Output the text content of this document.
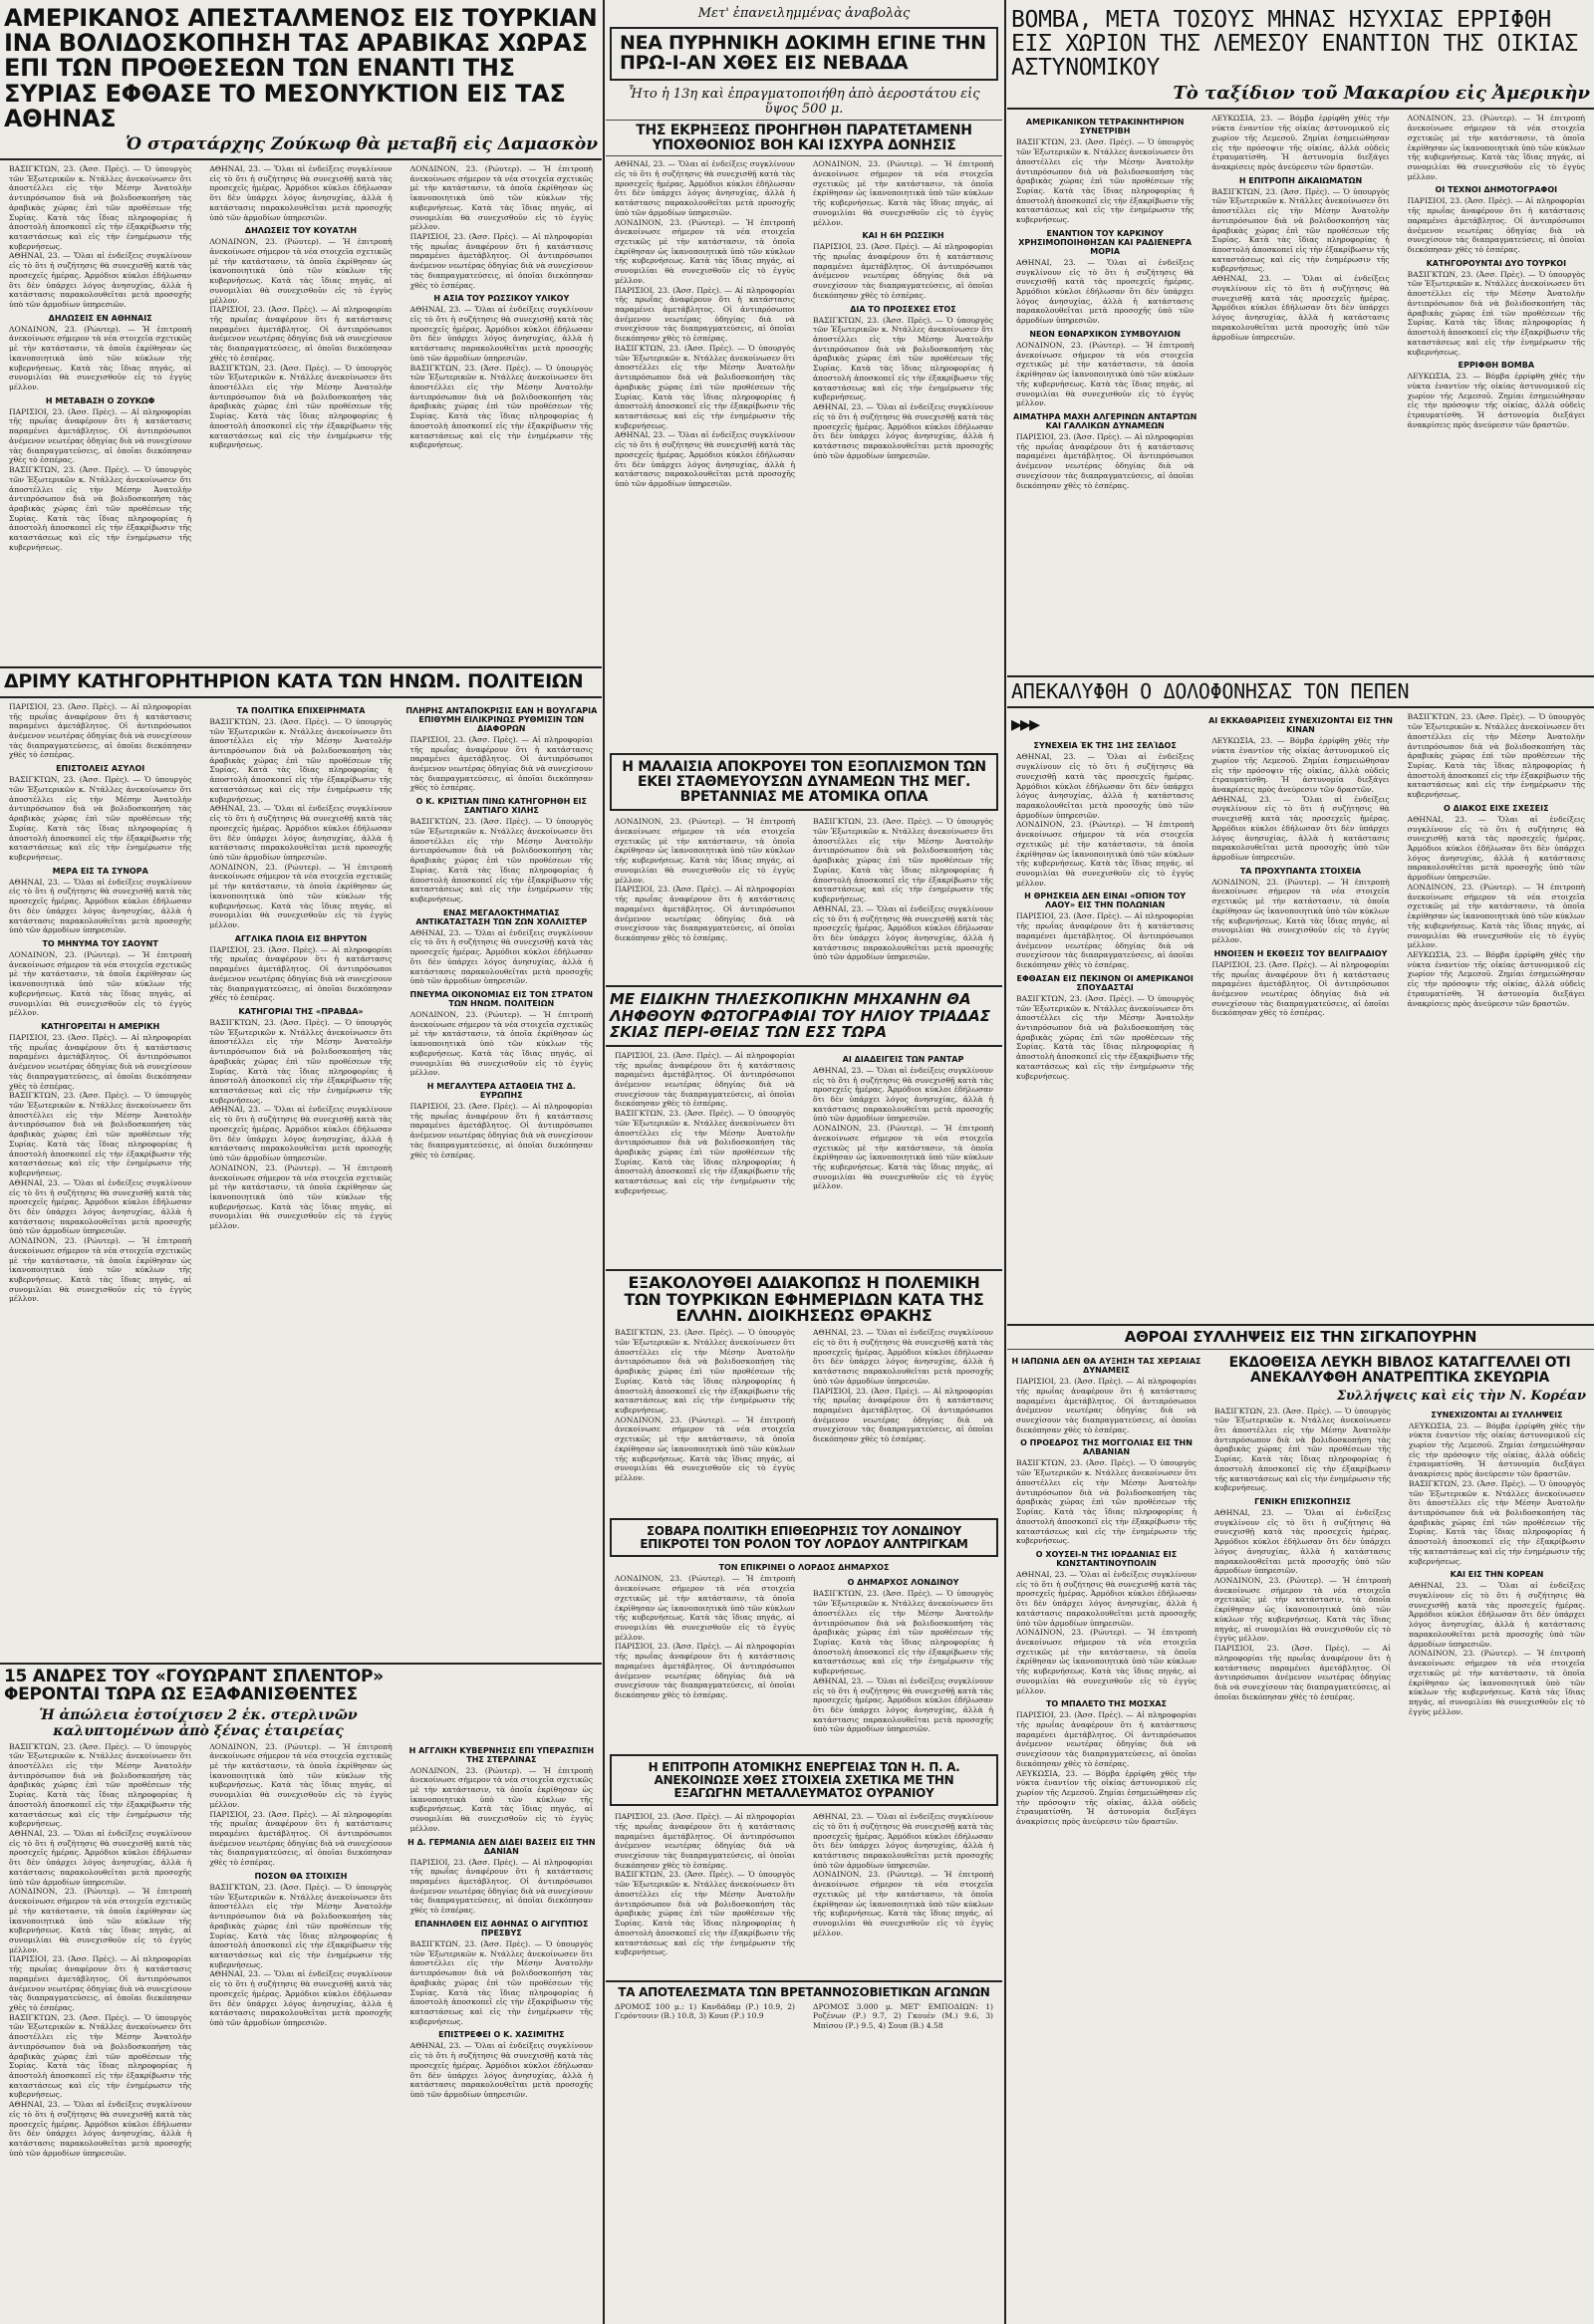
ΑΜΕΡΙΚΑΝΟΣ ΑΠΕΣΤΑΛΜΕΝΟΣ ΕΙΣ ΤΟΥΡΚΙΑΝ ΙΝΑ ΒΟΛΙΔΟΣΚΟΠΗΣΗ ΤΑΣ ΑΡΑΒΙΚΑΣ ΧΩΡΑΣ ΕΠΙ ΤΩΝ ΠΡΟΘΕΣΕΩΝ ΤΩΝ ΕΝΑΝΤΙ ΤΗΣ ΣΥΡΙΑΣ ΕΦΘΑΣΕ ΤΟ ΜΕΣΟΝΥΚΤΙΟΝ ΕΙΣ ΤΑΣ ΑΘΗΝΑΣ
Ὁ στρατάρχης Ζούκωφ θὰ μεταβῆ εἰς Δαμασκὸν
ΒΑΣΙΓΚΤΩΝ, 23. (Ἀσσ. Πρὲς). — Ὁ ὑπουργὸς τῶν Ἐξωτερικῶν κ. Ντάλλες ἀνεκοίνωσεν ὅτι ἀποστέλλει εἰς τὴν Μέσην Ἀνατολὴν ἀντιπρόσωπον διὰ νὰ βολιδοσκοπήση τὰς ἀραβικὰς χώρας ἐπὶ τῶν προθέσεων τῆς Συρίας. Κατὰ τὰς ἴδιας πληροφορίας ἡ ἀποστολὴ ἀποσκοπεῖ εἰς τὴν ἐξακρίβωσιν τῆς καταστάσεως καὶ εἰς τὴν ἐνημέρωσιν τῆς κυβερνήσεως.
ΑΘΗΝΑΙ, 23. — Ὅλαι αἱ ἐνδείξεις συγκλίνουν εἰς τὸ ὅτι ἡ συζήτησις θὰ συνεχισθῇ κατὰ τὰς προσεχεῖς ἡμέρας. Ἀρμόδιοι κύκλοι ἐδήλωσαν ὅτι δὲν ὑπάρχει λόγος ἀνησυχίας, ἀλλὰ ἡ κατάστασις παρακολουθεῖται μετὰ προσοχῆς ὑπὸ τῶν ἁρμοδίων ὑπηρεσιῶν.
ΔΗΛΩΣΕΙΣ ΕΝ ΑΘΗΝΑΙΣ
ΛΟΝΔΙΝΟΝ, 23. (Ρώυτερ). — Ἡ ἐπιτροπὴ ἀνεκοίνωσε σήμερον τὰ νέα στοιχεῖα σχετικῶς μὲ τὴν κατάστασιν, τὰ ὁποῖα ἐκρίθησαν ὡς ἱκανοποιητικὰ ὑπὸ τῶν κύκλων τῆς κυβερνήσεως. Κατὰ τὰς ἴδιας πηγάς, αἱ συνομιλίαι θὰ συνεχισθοῦν εἰς τὸ ἐγγὺς μέλλον.
Η ΜΕΤΑΒΑΣΗ Ο ΖΟΥΚΩΦ
ΠΑΡΙΣΙΟΙ, 23. (Ἀσσ. Πρὲς). — Αἱ πληροφορίαι τῆς πρωΐας ἀναφέρουν ὅτι ἡ κατάστασις παραμένει ἀμετάβλητος. Οἱ ἀντιπρόσωποι ἀνέμενον νεωτέρας ὁδηγίας διὰ νὰ συνεχίσουν τὰς διαπραγματεύσεις, αἱ ὁποῖαι διεκόπησαν χθὲς τὸ ἑσπέρας.
ΒΑΣΙΓΚΤΩΝ, 23. (Ἀσσ. Πρὲς). — Ὁ ὑπουργὸς τῶν Ἐξωτερικῶν κ. Ντάλλες ἀνεκοίνωσεν ὅτι ἀποστέλλει εἰς τὴν Μέσην Ἀνατολὴν ἀντιπρόσωπον διὰ νὰ βολιδοσκοπήση τὰς ἀραβικὰς χώρας ἐπὶ τῶν προθέσεων τῆς Συρίας. Κατὰ τὰς ἴδιας πληροφορίας ἡ ἀποστολὴ ἀποσκοπεῖ εἰς τὴν ἐξακρίβωσιν τῆς καταστάσεως καὶ εἰς τὴν ἐνημέρωσιν τῆς κυβερνήσεως.
ΑΘΗΝΑΙ, 23. — Ὅλαι αἱ ἐνδείξεις συγκλίνουν εἰς τὸ ὅτι ἡ συζήτησις θὰ συνεχισθῇ κατὰ τὰς προσεχεῖς ἡμέρας. Ἀρμόδιοι κύκλοι ἐδήλωσαν ὅτι δὲν ὑπάρχει λόγος ἀνησυχίας, ἀλλὰ ἡ κατάστασις παρακολουθεῖται μετὰ προσοχῆς ὑπὸ τῶν ἁρμοδίων ὑπηρεσιῶν.
ΔΗΛΩΣΕΙΣ ΤΟΥ ΚΟΥΑΤΛΗ
ΛΟΝΔΙΝΟΝ, 23. (Ρώυτερ). — Ἡ ἐπιτροπὴ ἀνεκοίνωσε σήμερον τὰ νέα στοιχεῖα σχετικῶς μὲ τὴν κατάστασιν, τὰ ὁποῖα ἐκρίθησαν ὡς ἱκανοποιητικὰ ὑπὸ τῶν κύκλων τῆς κυβερνήσεως. Κατὰ τὰς ἴδιας πηγάς, αἱ συνομιλίαι θὰ συνεχισθοῦν εἰς τὸ ἐγγὺς μέλλον.
ΠΑΡΙΣΙΟΙ, 23. (Ἀσσ. Πρὲς). — Αἱ πληροφορίαι τῆς πρωΐας ἀναφέρουν ὅτι ἡ κατάστασις παραμένει ἀμετάβλητος. Οἱ ἀντιπρόσωποι ἀνέμενον νεωτέρας ὁδηγίας διὰ νὰ συνεχίσουν τὰς διαπραγματεύσεις, αἱ ὁποῖαι διεκόπησαν χθὲς τὸ ἑσπέρας.
ΒΑΣΙΓΚΤΩΝ, 23. (Ἀσσ. Πρὲς). — Ὁ ὑπουργὸς τῶν Ἐξωτερικῶν κ. Ντάλλες ἀνεκοίνωσεν ὅτι ἀποστέλλει εἰς τὴν Μέσην Ἀνατολὴν ἀντιπρόσωπον διὰ νὰ βολιδοσκοπήση τὰς ἀραβικὰς χώρας ἐπὶ τῶν προθέσεων τῆς Συρίας. Κατὰ τὰς ἴδιας πληροφορίας ἡ ἀποστολὴ ἀποσκοπεῖ εἰς τὴν ἐξακρίβωσιν τῆς καταστάσεως καὶ εἰς τὴν ἐνημέρωσιν τῆς κυβερνήσεως.
ΛΟΝΔΙΝΟΝ, 23. (Ρώυτερ). — Ἡ ἐπιτροπὴ ἀνεκοίνωσε σήμερον τὰ νέα στοιχεῖα σχετικῶς μὲ τὴν κατάστασιν, τὰ ὁποῖα ἐκρίθησαν ὡς ἱκανοποιητικὰ ὑπὸ τῶν κύκλων τῆς κυβερνήσεως. Κατὰ τὰς ἴδιας πηγάς, αἱ συνομιλίαι θὰ συνεχισθοῦν εἰς τὸ ἐγγὺς μέλλον.
ΠΑΡΙΣΙΟΙ, 23. (Ἀσσ. Πρὲς). — Αἱ πληροφορίαι τῆς πρωΐας ἀναφέρουν ὅτι ἡ κατάστασις παραμένει ἀμετάβλητος. Οἱ ἀντιπρόσωποι ἀνέμενον νεωτέρας ὁδηγίας διὰ νὰ συνεχίσουν τὰς διαπραγματεύσεις, αἱ ὁποῖαι διεκόπησαν χθὲς τὸ ἑσπέρας.
Η ΑΣΙΑ ΤΟΥ ΡΩΣΣΙΚΟΥ ΥΛΙΚΟΥ
ΑΘΗΝΑΙ, 23. — Ὅλαι αἱ ἐνδείξεις συγκλίνουν εἰς τὸ ὅτι ἡ συζήτησις θὰ συνεχισθῇ κατὰ τὰς προσεχεῖς ἡμέρας. Ἀρμόδιοι κύκλοι ἐδήλωσαν ὅτι δὲν ὑπάρχει λόγος ἀνησυχίας, ἀλλὰ ἡ κατάστασις παρακολουθεῖται μετὰ προσοχῆς ὑπὸ τῶν ἁρμοδίων ὑπηρεσιῶν.
ΒΑΣΙΓΚΤΩΝ, 23. (Ἀσσ. Πρὲς). — Ὁ ὑπουργὸς τῶν Ἐξωτερικῶν κ. Ντάλλες ἀνεκοίνωσεν ὅτι ἀποστέλλει εἰς τὴν Μέσην Ἀνατολὴν ἀντιπρόσωπον διὰ νὰ βολιδοσκοπήση τὰς ἀραβικὰς χώρας ἐπὶ τῶν προθέσεων τῆς Συρίας. Κατὰ τὰς ἴδιας πληροφορίας ἡ ἀποστολὴ ἀποσκοπεῖ εἰς τὴν ἐξακρίβωσιν τῆς καταστάσεως καὶ εἰς τὴν ἐνημέρωσιν τῆς κυβερνήσεως.
ΔΡΙΜΥ ΚΑΤΗΓΟΡΗΤΗΡΙΟΝ ΚΑΤΑ ΤΩΝ ΗΝΩΜ. ΠΟΛΙΤΕΙΩΝ
ΠΑΡΙΣΙΟΙ, 23. (Ἀσσ. Πρὲς). — Αἱ πληροφορίαι τῆς πρωΐας ἀναφέρουν ὅτι ἡ κατάστασις παραμένει ἀμετάβλητος. Οἱ ἀντιπρόσωποι ἀνέμενον νεωτέρας ὁδηγίας διὰ νὰ συνεχίσουν τὰς διαπραγματεύσεις, αἱ ὁποῖαι διεκόπησαν χθὲς τὸ ἑσπέρας.
ΕΠΙΣΤΟΛΕΙΣ ΑΣΥΛΟΙ
ΒΑΣΙΓΚΤΩΝ, 23. (Ἀσσ. Πρὲς). — Ὁ ὑπουργὸς τῶν Ἐξωτερικῶν κ. Ντάλλες ἀνεκοίνωσεν ὅτι ἀποστέλλει εἰς τὴν Μέσην Ἀνατολὴν ἀντιπρόσωπον διὰ νὰ βολιδοσκοπήση τὰς ἀραβικὰς χώρας ἐπὶ τῶν προθέσεων τῆς Συρίας. Κατὰ τὰς ἴδιας πληροφορίας ἡ ἀποστολὴ ἀποσκοπεῖ εἰς τὴν ἐξακρίβωσιν τῆς καταστάσεως καὶ εἰς τὴν ἐνημέρωσιν τῆς κυβερνήσεως.
ΜΕΡΑ ΕΙΣ ΤΑ ΣΥΝΟΡΑ
ΑΘΗΝΑΙ, 23. — Ὅλαι αἱ ἐνδείξεις συγκλίνουν εἰς τὸ ὅτι ἡ συζήτησις θὰ συνεχισθῇ κατὰ τὰς προσεχεῖς ἡμέρας. Ἀρμόδιοι κύκλοι ἐδήλωσαν ὅτι δὲν ὑπάρχει λόγος ἀνησυχίας, ἀλλὰ ἡ κατάστασις παρακολουθεῖται μετὰ προσοχῆς ὑπὸ τῶν ἁρμοδίων ὑπηρεσιῶν.
ΤΟ ΜΗΝΥΜΑ ΤΟΥ ΣΑΟΥΝΤ
ΛΟΝΔΙΝΟΝ, 23. (Ρώυτερ). — Ἡ ἐπιτροπὴ ἀνεκοίνωσε σήμερον τὰ νέα στοιχεῖα σχετικῶς μὲ τὴν κατάστασιν, τὰ ὁποῖα ἐκρίθησαν ὡς ἱκανοποιητικὰ ὑπὸ τῶν κύκλων τῆς κυβερνήσεως. Κατὰ τὰς ἴδιας πηγάς, αἱ συνομιλίαι θὰ συνεχισθοῦν εἰς τὸ ἐγγὺς μέλλον.
ΚΑΤΗΓΟΡΕΙΤΑΙ Η ΑΜΕΡΙΚΗ
ΠΑΡΙΣΙΟΙ, 23. (Ἀσσ. Πρὲς). — Αἱ πληροφορίαι τῆς πρωΐας ἀναφέρουν ὅτι ἡ κατάστασις παραμένει ἀμετάβλητος. Οἱ ἀντιπρόσωποι ἀνέμενον νεωτέρας ὁδηγίας διὰ νὰ συνεχίσουν τὰς διαπραγματεύσεις, αἱ ὁποῖαι διεκόπησαν χθὲς τὸ ἑσπέρας.
ΒΑΣΙΓΚΤΩΝ, 23. (Ἀσσ. Πρὲς). — Ὁ ὑπουργὸς τῶν Ἐξωτερικῶν κ. Ντάλλες ἀνεκοίνωσεν ὅτι ἀποστέλλει εἰς τὴν Μέσην Ἀνατολὴν ἀντιπρόσωπον διὰ νὰ βολιδοσκοπήση τὰς ἀραβικὰς χώρας ἐπὶ τῶν προθέσεων τῆς Συρίας. Κατὰ τὰς ἴδιας πληροφορίας ἡ ἀποστολὴ ἀποσκοπεῖ εἰς τὴν ἐξακρίβωσιν τῆς καταστάσεως καὶ εἰς τὴν ἐνημέρωσιν τῆς κυβερνήσεως.
ΑΘΗΝΑΙ, 23. — Ὅλαι αἱ ἐνδείξεις συγκλίνουν εἰς τὸ ὅτι ἡ συζήτησις θὰ συνεχισθῇ κατὰ τὰς προσεχεῖς ἡμέρας. Ἀρμόδιοι κύκλοι ἐδήλωσαν ὅτι δὲν ὑπάρχει λόγος ἀνησυχίας, ἀλλὰ ἡ κατάστασις παρακολουθεῖται μετὰ προσοχῆς ὑπὸ τῶν ἁρμοδίων ὑπηρεσιῶν.
ΛΟΝΔΙΝΟΝ, 23. (Ρώυτερ). — Ἡ ἐπιτροπὴ ἀνεκοίνωσε σήμερον τὰ νέα στοιχεῖα σχετικῶς μὲ τὴν κατάστασιν, τὰ ὁποῖα ἐκρίθησαν ὡς ἱκανοποιητικὰ ὑπὸ τῶν κύκλων τῆς κυβερνήσεως. Κατὰ τὰς ἴδιας πηγάς, αἱ συνομιλίαι θὰ συνεχισθοῦν εἰς τὸ ἐγγὺς μέλλον.
ΤΑ ΠΟΛΙΤΙΚΑ ΕΠΙΧΕΙΡΗΜΑΤΑ
ΒΑΣΙΓΚΤΩΝ, 23. (Ἀσσ. Πρὲς). — Ὁ ὑπουργὸς τῶν Ἐξωτερικῶν κ. Ντάλλες ἀνεκοίνωσεν ὅτι ἀποστέλλει εἰς τὴν Μέσην Ἀνατολὴν ἀντιπρόσωπον διὰ νὰ βολιδοσκοπήση τὰς ἀραβικὰς χώρας ἐπὶ τῶν προθέσεων τῆς Συρίας. Κατὰ τὰς ἴδιας πληροφορίας ἡ ἀποστολὴ ἀποσκοπεῖ εἰς τὴν ἐξακρίβωσιν τῆς καταστάσεως καὶ εἰς τὴν ἐνημέρωσιν τῆς κυβερνήσεως.
ΑΘΗΝΑΙ, 23. — Ὅλαι αἱ ἐνδείξεις συγκλίνουν εἰς τὸ ὅτι ἡ συζήτησις θὰ συνεχισθῇ κατὰ τὰς προσεχεῖς ἡμέρας. Ἀρμόδιοι κύκλοι ἐδήλωσαν ὅτι δὲν ὑπάρχει λόγος ἀνησυχίας, ἀλλὰ ἡ κατάστασις παρακολουθεῖται μετὰ προσοχῆς ὑπὸ τῶν ἁρμοδίων ὑπηρεσιῶν.
ΛΟΝΔΙΝΟΝ, 23. (Ρώυτερ). — Ἡ ἐπιτροπὴ ἀνεκοίνωσε σήμερον τὰ νέα στοιχεῖα σχετικῶς μὲ τὴν κατάστασιν, τὰ ὁποῖα ἐκρίθησαν ὡς ἱκανοποιητικὰ ὑπὸ τῶν κύκλων τῆς κυβερνήσεως. Κατὰ τὰς ἴδιας πηγάς, αἱ συνομιλίαι θὰ συνεχισθοῦν εἰς τὸ ἐγγὺς μέλλον.
ΑΓΓΛΙΚΑ ΠΛΟΙΑ ΕΙΣ ΒΗΡΥΤΟΝ
ΠΑΡΙΣΙΟΙ, 23. (Ἀσσ. Πρὲς). — Αἱ πληροφορίαι τῆς πρωΐας ἀναφέρουν ὅτι ἡ κατάστασις παραμένει ἀμετάβλητος. Οἱ ἀντιπρόσωποι ἀνέμενον νεωτέρας ὁδηγίας διὰ νὰ συνεχίσουν τὰς διαπραγματεύσεις, αἱ ὁποῖαι διεκόπησαν χθὲς τὸ ἑσπέρας.
ΚΑΤΗΓΟΡΙΑΙ ΤΗΣ «ΠΡΑΒΔΑ»
ΒΑΣΙΓΚΤΩΝ, 23. (Ἀσσ. Πρὲς). — Ὁ ὑπουργὸς τῶν Ἐξωτερικῶν κ. Ντάλλες ἀνεκοίνωσεν ὅτι ἀποστέλλει εἰς τὴν Μέσην Ἀνατολὴν ἀντιπρόσωπον διὰ νὰ βολιδοσκοπήση τὰς ἀραβικὰς χώρας ἐπὶ τῶν προθέσεων τῆς Συρίας. Κατὰ τὰς ἴδιας πληροφορίας ἡ ἀποστολὴ ἀποσκοπεῖ εἰς τὴν ἐξακρίβωσιν τῆς καταστάσεως καὶ εἰς τὴν ἐνημέρωσιν τῆς κυβερνήσεως.
ΑΘΗΝΑΙ, 23. — Ὅλαι αἱ ἐνδείξεις συγκλίνουν εἰς τὸ ὅτι ἡ συζήτησις θὰ συνεχισθῇ κατὰ τὰς προσεχεῖς ἡμέρας. Ἀρμόδιοι κύκλοι ἐδήλωσαν ὅτι δὲν ὑπάρχει λόγος ἀνησυχίας, ἀλλὰ ἡ κατάστασις παρακολουθεῖται μετὰ προσοχῆς ὑπὸ τῶν ἁρμοδίων ὑπηρεσιῶν.
ΛΟΝΔΙΝΟΝ, 23. (Ρώυτερ). — Ἡ ἐπιτροπὴ ἀνεκοίνωσε σήμερον τὰ νέα στοιχεῖα σχετικῶς μὲ τὴν κατάστασιν, τὰ ὁποῖα ἐκρίθησαν ὡς ἱκανοποιητικὰ ὑπὸ τῶν κύκλων τῆς κυβερνήσεως. Κατὰ τὰς ἴδιας πηγάς, αἱ συνομιλίαι θὰ συνεχισθοῦν εἰς τὸ ἐγγὺς μέλλον.
ΠΛΗΡΗΣ ΑΝΤΑΠΟΚΡΙΣΙΣ ΕΑΝ Η ΒΟΥΛΓΑΡΙΑ ΕΠΙΘΥΜΗ ΕΙΛΙΚΡΙΝΩΣ ΡΥΘΜΙΣΙΝ ΤΩΝ ΔΙΑΦΟΡΩΝ
ΠΑΡΙΣΙΟΙ, 23. (Ἀσσ. Πρὲς). — Αἱ πληροφορίαι τῆς πρωΐας ἀναφέρουν ὅτι ἡ κατάστασις παραμένει ἀμετάβλητος. Οἱ ἀντιπρόσωποι ἀνέμενον νεωτέρας ὁδηγίας διὰ νὰ συνεχίσουν τὰς διαπραγματεύσεις, αἱ ὁποῖαι διεκόπησαν χθὲς τὸ ἑσπέρας.
Ο Κ. ΚΡΙΣΤΙΑΝ ΠΙΝΩ ΚΑΤΗΓΟΡΗΘΗ ΕΙΣ ΣΑΝΤΙΑΓΟ ΧΙΛΗΣ
ΒΑΣΙΓΚΤΩΝ, 23. (Ἀσσ. Πρὲς). — Ὁ ὑπουργὸς τῶν Ἐξωτερικῶν κ. Ντάλλες ἀνεκοίνωσεν ὅτι ἀποστέλλει εἰς τὴν Μέσην Ἀνατολὴν ἀντιπρόσωπον διὰ νὰ βολιδοσκοπήση τὰς ἀραβικὰς χώρας ἐπὶ τῶν προθέσεων τῆς Συρίας. Κατὰ τὰς ἴδιας πληροφορίας ἡ ἀποστολὴ ἀποσκοπεῖ εἰς τὴν ἐξακρίβωσιν τῆς καταστάσεως καὶ εἰς τὴν ἐνημέρωσιν τῆς κυβερνήσεως.
ΕΝΑΣ ΜΕΓΑΛΟΚΤΗΜΑΤΙΑΣ ΑΝΤΙΚΑΤΑΣΤΑΣΗ ΤΩΝ ΖΩΝ ΧΟΛΛΙΣΤΕΡ
ΑΘΗΝΑΙ, 23. — Ὅλαι αἱ ἐνδείξεις συγκλίνουν εἰς τὸ ὅτι ἡ συζήτησις θὰ συνεχισθῇ κατὰ τὰς προσεχεῖς ἡμέρας. Ἀρμόδιοι κύκλοι ἐδήλωσαν ὅτι δὲν ὑπάρχει λόγος ἀνησυχίας, ἀλλὰ ἡ κατάστασις παρακολουθεῖται μετὰ προσοχῆς ὑπὸ τῶν ἁρμοδίων ὑπηρεσιῶν.
ΠΝΕΥΜΑ ΟΙΚΟΝΟΜΙΑΣ ΕΙΣ ΤΟΝ ΣΤΡΑΤΟΝ ΤΩΝ ΗΝΩΜ. ΠΟΛΙΤΕΙΩΝ
ΛΟΝΔΙΝΟΝ, 23. (Ρώυτερ). — Ἡ ἐπιτροπὴ ἀνεκοίνωσε σήμερον τὰ νέα στοιχεῖα σχετικῶς μὲ τὴν κατάστασιν, τὰ ὁποῖα ἐκρίθησαν ὡς ἱκανοποιητικὰ ὑπὸ τῶν κύκλων τῆς κυβερνήσεως. Κατὰ τὰς ἴδιας πηγάς, αἱ συνομιλίαι θὰ συνεχισθοῦν εἰς τὸ ἐγγὺς μέλλον.
Η ΜΕΓΑΛΥΤΕΡΑ ΑΣΤΑΘΕΙΑ ΤΗΣ Δ. ΕΥΡΩΠΗΣ
ΠΑΡΙΣΙΟΙ, 23. (Ἀσσ. Πρὲς). — Αἱ πληροφορίαι τῆς πρωΐας ἀναφέρουν ὅτι ἡ κατάστασις παραμένει ἀμετάβλητος. Οἱ ἀντιπρόσωποι ἀνέμενον νεωτέρας ὁδηγίας διὰ νὰ συνεχίσουν τὰς διαπραγματεύσεις, αἱ ὁποῖαι διεκόπησαν χθὲς τὸ ἑσπέρας.
15 ΑΝΔΡΕΣ ΤΟΥ «ΓΟΥΩΡΑΝΤ ΣΠΛΕΝΤΟΡ» ΦΕΡΟΝΤΑΙ ΤΩΡΑ ΩΣ ΕΞΑΦΑΝΙΣΘΕΝΤΕΣ
Ἡ ἀπώλεια ἐστοίχισεν 2 ἑκ. στερλινῶν καλυπτομένων ἀπὸ ξένας ἑταιρείας
ΒΑΣΙΓΚΤΩΝ, 23. (Ἀσσ. Πρὲς). — Ὁ ὑπουργὸς τῶν Ἐξωτερικῶν κ. Ντάλλες ἀνεκοίνωσεν ὅτι ἀποστέλλει εἰς τὴν Μέσην Ἀνατολὴν ἀντιπρόσωπον διὰ νὰ βολιδοσκοπήση τὰς ἀραβικὰς χώρας ἐπὶ τῶν προθέσεων τῆς Συρίας. Κατὰ τὰς ἴδιας πληροφορίας ἡ ἀποστολὴ ἀποσκοπεῖ εἰς τὴν ἐξακρίβωσιν τῆς καταστάσεως καὶ εἰς τὴν ἐνημέρωσιν τῆς κυβερνήσεως.
ΑΘΗΝΑΙ, 23. — Ὅλαι αἱ ἐνδείξεις συγκλίνουν εἰς τὸ ὅτι ἡ συζήτησις θὰ συνεχισθῇ κατὰ τὰς προσεχεῖς ἡμέρας. Ἀρμόδιοι κύκλοι ἐδήλωσαν ὅτι δὲν ὑπάρχει λόγος ἀνησυχίας, ἀλλὰ ἡ κατάστασις παρακολουθεῖται μετὰ προσοχῆς ὑπὸ τῶν ἁρμοδίων ὑπηρεσιῶν.
ΛΟΝΔΙΝΟΝ, 23. (Ρώυτερ). — Ἡ ἐπιτροπὴ ἀνεκοίνωσε σήμερον τὰ νέα στοιχεῖα σχετικῶς μὲ τὴν κατάστασιν, τὰ ὁποῖα ἐκρίθησαν ὡς ἱκανοποιητικὰ ὑπὸ τῶν κύκλων τῆς κυβερνήσεως. Κατὰ τὰς ἴδιας πηγάς, αἱ συνομιλίαι θὰ συνεχισθοῦν εἰς τὸ ἐγγὺς μέλλον.
ΠΑΡΙΣΙΟΙ, 23. (Ἀσσ. Πρὲς). — Αἱ πληροφορίαι τῆς πρωΐας ἀναφέρουν ὅτι ἡ κατάστασις παραμένει ἀμετάβλητος. Οἱ ἀντιπρόσωποι ἀνέμενον νεωτέρας ὁδηγίας διὰ νὰ συνεχίσουν τὰς διαπραγματεύσεις, αἱ ὁποῖαι διεκόπησαν χθὲς τὸ ἑσπέρας.
ΒΑΣΙΓΚΤΩΝ, 23. (Ἀσσ. Πρὲς). — Ὁ ὑπουργὸς τῶν Ἐξωτερικῶν κ. Ντάλλες ἀνεκοίνωσεν ὅτι ἀποστέλλει εἰς τὴν Μέσην Ἀνατολὴν ἀντιπρόσωπον διὰ νὰ βολιδοσκοπήση τὰς ἀραβικὰς χώρας ἐπὶ τῶν προθέσεων τῆς Συρίας. Κατὰ τὰς ἴδιας πληροφορίας ἡ ἀποστολὴ ἀποσκοπεῖ εἰς τὴν ἐξακρίβωσιν τῆς καταστάσεως καὶ εἰς τὴν ἐνημέρωσιν τῆς κυβερνήσεως.
ΑΘΗΝΑΙ, 23. — Ὅλαι αἱ ἐνδείξεις συγκλίνουν εἰς τὸ ὅτι ἡ συζήτησις θὰ συνεχισθῇ κατὰ τὰς προσεχεῖς ἡμέρας. Ἀρμόδιοι κύκλοι ἐδήλωσαν ὅτι δὲν ὑπάρχει λόγος ἀνησυχίας, ἀλλὰ ἡ κατάστασις παρακολουθεῖται μετὰ προσοχῆς ὑπὸ τῶν ἁρμοδίων ὑπηρεσιῶν.
ΛΟΝΔΙΝΟΝ, 23. (Ρώυτερ). — Ἡ ἐπιτροπὴ ἀνεκοίνωσε σήμερον τὰ νέα στοιχεῖα σχετικῶς μὲ τὴν κατάστασιν, τὰ ὁποῖα ἐκρίθησαν ὡς ἱκανοποιητικὰ ὑπὸ τῶν κύκλων τῆς κυβερνήσεως. Κατὰ τὰς ἴδιας πηγάς, αἱ συνομιλίαι θὰ συνεχισθοῦν εἰς τὸ ἐγγὺς μέλλον.
ΠΑΡΙΣΙΟΙ, 23. (Ἀσσ. Πρὲς). — Αἱ πληροφορίαι τῆς πρωΐας ἀναφέρουν ὅτι ἡ κατάστασις παραμένει ἀμετάβλητος. Οἱ ἀντιπρόσωποι ἀνέμενον νεωτέρας ὁδηγίας διὰ νὰ συνεχίσουν τὰς διαπραγματεύσεις, αἱ ὁποῖαι διεκόπησαν χθὲς τὸ ἑσπέρας.
ΠΟΣΟΝ ΘΑ ΣΤΟΙΧΙΣΗ
ΒΑΣΙΓΚΤΩΝ, 23. (Ἀσσ. Πρὲς). — Ὁ ὑπουργὸς τῶν Ἐξωτερικῶν κ. Ντάλλες ἀνεκοίνωσεν ὅτι ἀποστέλλει εἰς τὴν Μέσην Ἀνατολὴν ἀντιπρόσωπον διὰ νὰ βολιδοσκοπήση τὰς ἀραβικὰς χώρας ἐπὶ τῶν προθέσεων τῆς Συρίας. Κατὰ τὰς ἴδιας πληροφορίας ἡ ἀποστολὴ ἀποσκοπεῖ εἰς τὴν ἐξακρίβωσιν τῆς καταστάσεως καὶ εἰς τὴν ἐνημέρωσιν τῆς κυβερνήσεως.
ΑΘΗΝΑΙ, 23. — Ὅλαι αἱ ἐνδείξεις συγκλίνουν εἰς τὸ ὅτι ἡ συζήτησις θὰ συνεχισθῇ κατὰ τὰς προσεχεῖς ἡμέρας. Ἀρμόδιοι κύκλοι ἐδήλωσαν ὅτι δὲν ὑπάρχει λόγος ἀνησυχίας, ἀλλὰ ἡ κατάστασις παρακολουθεῖται μετὰ προσοχῆς ὑπὸ τῶν ἁρμοδίων ὑπηρεσιῶν.
Η ΑΓΓΛΙΚΗ ΚΥΒΕΡΝΗΣΙΣ ΕΠΙ ΥΠΕΡΑΣΠΙΣΗ ΤΗΣ ΣΤΕΡΛΙΝΑΣ
ΛΟΝΔΙΝΟΝ, 23. (Ρώυτερ). — Ἡ ἐπιτροπὴ ἀνεκοίνωσε σήμερον τὰ νέα στοιχεῖα σχετικῶς μὲ τὴν κατάστασιν, τὰ ὁποῖα ἐκρίθησαν ὡς ἱκανοποιητικὰ ὑπὸ τῶν κύκλων τῆς κυβερνήσεως. Κατὰ τὰς ἴδιας πηγάς, αἱ συνομιλίαι θὰ συνεχισθοῦν εἰς τὸ ἐγγὺς μέλλον.
Η Δ. ΓΕΡΜΑΝΙΑ ΔΕΝ ΔΙΔΕΙ ΒΑΣΕΙΣ ΕΙΣ ΤΗΝ ΔΑΝΙΑΝ
ΠΑΡΙΣΙΟΙ, 23. (Ἀσσ. Πρὲς). — Αἱ πληροφορίαι τῆς πρωΐας ἀναφέρουν ὅτι ἡ κατάστασις παραμένει ἀμετάβλητος. Οἱ ἀντιπρόσωποι ἀνέμενον νεωτέρας ὁδηγίας διὰ νὰ συνεχίσουν τὰς διαπραγματεύσεις, αἱ ὁποῖαι διεκόπησαν χθὲς τὸ ἑσπέρας.
ΕΠΑΝΗΛΘΕΝ ΕΙΣ ΑΘΗΝΑΣ Ο ΑΙΓΥΠΤΙΟΣ ΠΡΕΣΒΥΣ
ΒΑΣΙΓΚΤΩΝ, 23. (Ἀσσ. Πρὲς). — Ὁ ὑπουργὸς τῶν Ἐξωτερικῶν κ. Ντάλλες ἀνεκοίνωσεν ὅτι ἀποστέλλει εἰς τὴν Μέσην Ἀνατολὴν ἀντιπρόσωπον διὰ νὰ βολιδοσκοπήση τὰς ἀραβικὰς χώρας ἐπὶ τῶν προθέσεων τῆς Συρίας. Κατὰ τὰς ἴδιας πληροφορίας ἡ ἀποστολὴ ἀποσκοπεῖ εἰς τὴν ἐξακρίβωσιν τῆς καταστάσεως καὶ εἰς τὴν ἐνημέρωσιν τῆς κυβερνήσεως.
ΕΠΙΣΤΡΕΦΕΙ Ο Κ. ΧΑΣΙΜΙΤΗΣ
ΑΘΗΝΑΙ, 23. — Ὅλαι αἱ ἐνδείξεις συγκλίνουν εἰς τὸ ὅτι ἡ συζήτησις θὰ συνεχισθῇ κατὰ τὰς προσεχεῖς ἡμέρας. Ἀρμόδιοι κύκλοι ἐδήλωσαν ὅτι δὲν ὑπάρχει λόγος ἀνησυχίας, ἀλλὰ ἡ κατάστασις παρακολουθεῖται μετὰ προσοχῆς ὑπὸ τῶν ἁρμοδίων ὑπηρεσιῶν.
Μετ' ἐπανειλημμένας ἀναβολὰς
ΝΕΑ ΠΥΡΗΝΙΚΗ ΔΟΚΙΜΗ ΕΓΙΝΕ ΤΗΝ ΠΡΩ-Ι-ΑΝ ΧΘΕΣ ΕΙΣ ΝΕΒΑΔΑ
Ἦτο ἡ 13η καὶ ἐπραγματοποιήθη ἀπὸ ἀεροστάτου εἰς ὕψος 500 μ.
ΤΗΣ ΕΚΡΗΞΕΩΣ ΠΡΟΗΓΗΘΗ ΠΑΡΑΤΕΤΑΜΕΝΗ ΥΠΟΧΘΟΝΙΟΣ ΒΟΗ ΚΑΙ ΙΣΧΥΡΑ ΔΟΝΗΣΙΣ
ΑΘΗΝΑΙ, 23. — Ὅλαι αἱ ἐνδείξεις συγκλίνουν εἰς τὸ ὅτι ἡ συζήτησις θὰ συνεχισθῇ κατὰ τὰς προσεχεῖς ἡμέρας. Ἀρμόδιοι κύκλοι ἐδήλωσαν ὅτι δὲν ὑπάρχει λόγος ἀνησυχίας, ἀλλὰ ἡ κατάστασις παρακολουθεῖται μετὰ προσοχῆς ὑπὸ τῶν ἁρμοδίων ὑπηρεσιῶν.
ΛΟΝΔΙΝΟΝ, 23. (Ρώυτερ). — Ἡ ἐπιτροπὴ ἀνεκοίνωσε σήμερον τὰ νέα στοιχεῖα σχετικῶς μὲ τὴν κατάστασιν, τὰ ὁποῖα ἐκρίθησαν ὡς ἱκανοποιητικὰ ὑπὸ τῶν κύκλων τῆς κυβερνήσεως. Κατὰ τὰς ἴδιας πηγάς, αἱ συνομιλίαι θὰ συνεχισθοῦν εἰς τὸ ἐγγὺς μέλλον.
ΠΑΡΙΣΙΟΙ, 23. (Ἀσσ. Πρὲς). — Αἱ πληροφορίαι τῆς πρωΐας ἀναφέρουν ὅτι ἡ κατάστασις παραμένει ἀμετάβλητος. Οἱ ἀντιπρόσωποι ἀνέμενον νεωτέρας ὁδηγίας διὰ νὰ συνεχίσουν τὰς διαπραγματεύσεις, αἱ ὁποῖαι διεκόπησαν χθὲς τὸ ἑσπέρας.
ΒΑΣΙΓΚΤΩΝ, 23. (Ἀσσ. Πρὲς). — Ὁ ὑπουργὸς τῶν Ἐξωτερικῶν κ. Ντάλλες ἀνεκοίνωσεν ὅτι ἀποστέλλει εἰς τὴν Μέσην Ἀνατολὴν ἀντιπρόσωπον διὰ νὰ βολιδοσκοπήση τὰς ἀραβικὰς χώρας ἐπὶ τῶν προθέσεων τῆς Συρίας. Κατὰ τὰς ἴδιας πληροφορίας ἡ ἀποστολὴ ἀποσκοπεῖ εἰς τὴν ἐξακρίβωσιν τῆς καταστάσεως καὶ εἰς τὴν ἐνημέρωσιν τῆς κυβερνήσεως.
ΑΘΗΝΑΙ, 23. — Ὅλαι αἱ ἐνδείξεις συγκλίνουν εἰς τὸ ὅτι ἡ συζήτησις θὰ συνεχισθῇ κατὰ τὰς προσεχεῖς ἡμέρας. Ἀρμόδιοι κύκλοι ἐδήλωσαν ὅτι δὲν ὑπάρχει λόγος ἀνησυχίας, ἀλλὰ ἡ κατάστασις παρακολουθεῖται μετὰ προσοχῆς ὑπὸ τῶν ἁρμοδίων ὑπηρεσιῶν.
ΛΟΝΔΙΝΟΝ, 23. (Ρώυτερ). — Ἡ ἐπιτροπὴ ἀνεκοίνωσε σήμερον τὰ νέα στοιχεῖα σχετικῶς μὲ τὴν κατάστασιν, τὰ ὁποῖα ἐκρίθησαν ὡς ἱκανοποιητικὰ ὑπὸ τῶν κύκλων τῆς κυβερνήσεως. Κατὰ τὰς ἴδιας πηγάς, αἱ συνομιλίαι θὰ συνεχισθοῦν εἰς τὸ ἐγγὺς μέλλον.
ΚΑΙ Η 6Η ΡΩΣΣΙΚΗ
ΠΑΡΙΣΙΟΙ, 23. (Ἀσσ. Πρὲς). — Αἱ πληροφορίαι τῆς πρωΐας ἀναφέρουν ὅτι ἡ κατάστασις παραμένει ἀμετάβλητος. Οἱ ἀντιπρόσωποι ἀνέμενον νεωτέρας ὁδηγίας διὰ νὰ συνεχίσουν τὰς διαπραγματεύσεις, αἱ ὁποῖαι διεκόπησαν χθὲς τὸ ἑσπέρας.
ΔΙΑ ΤΟ ΠΡΟΣΕΧΕΣ ΕΤΟΣ
ΒΑΣΙΓΚΤΩΝ, 23. (Ἀσσ. Πρὲς). — Ὁ ὑπουργὸς τῶν Ἐξωτερικῶν κ. Ντάλλες ἀνεκοίνωσεν ὅτι ἀποστέλλει εἰς τὴν Μέσην Ἀνατολὴν ἀντιπρόσωπον διὰ νὰ βολιδοσκοπήση τὰς ἀραβικὰς χώρας ἐπὶ τῶν προθέσεων τῆς Συρίας. Κατὰ τὰς ἴδιας πληροφορίας ἡ ἀποστολὴ ἀποσκοπεῖ εἰς τὴν ἐξακρίβωσιν τῆς καταστάσεως καὶ εἰς τὴν ἐνημέρωσιν τῆς κυβερνήσεως.
ΑΘΗΝΑΙ, 23. — Ὅλαι αἱ ἐνδείξεις συγκλίνουν εἰς τὸ ὅτι ἡ συζήτησις θὰ συνεχισθῇ κατὰ τὰς προσεχεῖς ἡμέρας. Ἀρμόδιοι κύκλοι ἐδήλωσαν ὅτι δὲν ὑπάρχει λόγος ἀνησυχίας, ἀλλὰ ἡ κατάστασις παρακολουθεῖται μετὰ προσοχῆς ὑπὸ τῶν ἁρμοδίων ὑπηρεσιῶν.
Η ΜΑΛΑΙΣΙΑ ΑΠΟΚΡΟΥΕΙ ΤΟΝ ΕΞΟΠΛΙΣΜΟΝ ΤΩΝ ΕΚΕΙ ΣΤΑΘΜΕΥΟΥΣΩΝ ΔΥΝΑΜΕΩΝ ΤΗΣ ΜΕΓ. ΒΡΕΤΑΝΝΙΑΣ ΜΕ ΑΤΟΜΙΚΑ ΟΠΛΑ
ΛΟΝΔΙΝΟΝ, 23. (Ρώυτερ). — Ἡ ἐπιτροπὴ ἀνεκοίνωσε σήμερον τὰ νέα στοιχεῖα σχετικῶς μὲ τὴν κατάστασιν, τὰ ὁποῖα ἐκρίθησαν ὡς ἱκανοποιητικὰ ὑπὸ τῶν κύκλων τῆς κυβερνήσεως. Κατὰ τὰς ἴδιας πηγάς, αἱ συνομιλίαι θὰ συνεχισθοῦν εἰς τὸ ἐγγὺς μέλλον.
ΠΑΡΙΣΙΟΙ, 23. (Ἀσσ. Πρὲς). — Αἱ πληροφορίαι τῆς πρωΐας ἀναφέρουν ὅτι ἡ κατάστασις παραμένει ἀμετάβλητος. Οἱ ἀντιπρόσωποι ἀνέμενον νεωτέρας ὁδηγίας διὰ νὰ συνεχίσουν τὰς διαπραγματεύσεις, αἱ ὁποῖαι διεκόπησαν χθὲς τὸ ἑσπέρας.
ΒΑΣΙΓΚΤΩΝ, 23. (Ἀσσ. Πρὲς). — Ὁ ὑπουργὸς τῶν Ἐξωτερικῶν κ. Ντάλλες ἀνεκοίνωσεν ὅτι ἀποστέλλει εἰς τὴν Μέσην Ἀνατολὴν ἀντιπρόσωπον διὰ νὰ βολιδοσκοπήση τὰς ἀραβικὰς χώρας ἐπὶ τῶν προθέσεων τῆς Συρίας. Κατὰ τὰς ἴδιας πληροφορίας ἡ ἀποστολὴ ἀποσκοπεῖ εἰς τὴν ἐξακρίβωσιν τῆς καταστάσεως καὶ εἰς τὴν ἐνημέρωσιν τῆς κυβερνήσεως.
ΑΘΗΝΑΙ, 23. — Ὅλαι αἱ ἐνδείξεις συγκλίνουν εἰς τὸ ὅτι ἡ συζήτησις θὰ συνεχισθῇ κατὰ τὰς προσεχεῖς ἡμέρας. Ἀρμόδιοι κύκλοι ἐδήλωσαν ὅτι δὲν ὑπάρχει λόγος ἀνησυχίας, ἀλλὰ ἡ κατάστασις παρακολουθεῖται μετὰ προσοχῆς ὑπὸ τῶν ἁρμοδίων ὑπηρεσιῶν.
ΜΕ ΕΙΔΙΚΗΝ ΤΗΛΕΣΚΟΠΙΚΗΝ ΜΗΧΑΝΗΝ ΘΑ ΛΗΦΘΟΥΝ ΦΩΤΟΓΡΑΦΙΑΙ ΤΟΥ ΗΛΙΟΥ ΤΡΙΑΔΑΣ ΣΚΙΑΣ ΠΕΡΙ-ΘΕΙΑΣ ΤΩΝ ΕΣΣ ΤΩΡΑ
ΠΑΡΙΣΙΟΙ, 23. (Ἀσσ. Πρὲς). — Αἱ πληροφορίαι τῆς πρωΐας ἀναφέρουν ὅτι ἡ κατάστασις παραμένει ἀμετάβλητος. Οἱ ἀντιπρόσωποι ἀνέμενον νεωτέρας ὁδηγίας διὰ νὰ συνεχίσουν τὰς διαπραγματεύσεις, αἱ ὁποῖαι διεκόπησαν χθὲς τὸ ἑσπέρας.
ΒΑΣΙΓΚΤΩΝ, 23. (Ἀσσ. Πρὲς). — Ὁ ὑπουργὸς τῶν Ἐξωτερικῶν κ. Ντάλλες ἀνεκοίνωσεν ὅτι ἀποστέλλει εἰς τὴν Μέσην Ἀνατολὴν ἀντιπρόσωπον διὰ νὰ βολιδοσκοπήση τὰς ἀραβικὰς χώρας ἐπὶ τῶν προθέσεων τῆς Συρίας. Κατὰ τὰς ἴδιας πληροφορίας ἡ ἀποστολὴ ἀποσκοπεῖ εἰς τὴν ἐξακρίβωσιν τῆς καταστάσεως καὶ εἰς τὴν ἐνημέρωσιν τῆς κυβερνήσεως.
ΑΙ ΔΙΑΔΕΙΓΕΙΣ ΤΩΝ ΡΑΝΤΑΡ
ΑΘΗΝΑΙ, 23. — Ὅλαι αἱ ἐνδείξεις συγκλίνουν εἰς τὸ ὅτι ἡ συζήτησις θὰ συνεχισθῇ κατὰ τὰς προσεχεῖς ἡμέρας. Ἀρμόδιοι κύκλοι ἐδήλωσαν ὅτι δὲν ὑπάρχει λόγος ἀνησυχίας, ἀλλὰ ἡ κατάστασις παρακολουθεῖται μετὰ προσοχῆς ὑπὸ τῶν ἁρμοδίων ὑπηρεσιῶν.
ΛΟΝΔΙΝΟΝ, 23. (Ρώυτερ). — Ἡ ἐπιτροπὴ ἀνεκοίνωσε σήμερον τὰ νέα στοιχεῖα σχετικῶς μὲ τὴν κατάστασιν, τὰ ὁποῖα ἐκρίθησαν ὡς ἱκανοποιητικὰ ὑπὸ τῶν κύκλων τῆς κυβερνήσεως. Κατὰ τὰς ἴδιας πηγάς, αἱ συνομιλίαι θὰ συνεχισθοῦν εἰς τὸ ἐγγὺς μέλλον.
ΕΞΑΚΟΛΟΥΘΕΙ ΑΔΙΑΚΟΠΩΣ Η ΠΟΛΕΜΙΚΗ ΤΩΝ ΤΟΥΡΚΙΚΩΝ ΕΦΗΜΕΡΙΔΩΝ ΚΑΤΑ ΤΗΣ ΕΛΛΗΝ. ΔΙΟΙΚΗΣΕΩΣ ΘΡΑΚΗΣ
ΒΑΣΙΓΚΤΩΝ, 23. (Ἀσσ. Πρὲς). — Ὁ ὑπουργὸς τῶν Ἐξωτερικῶν κ. Ντάλλες ἀνεκοίνωσεν ὅτι ἀποστέλλει εἰς τὴν Μέσην Ἀνατολὴν ἀντιπρόσωπον διὰ νὰ βολιδοσκοπήση τὰς ἀραβικὰς χώρας ἐπὶ τῶν προθέσεων τῆς Συρίας. Κατὰ τὰς ἴδιας πληροφορίας ἡ ἀποστολὴ ἀποσκοπεῖ εἰς τὴν ἐξακρίβωσιν τῆς καταστάσεως καὶ εἰς τὴν ἐνημέρωσιν τῆς κυβερνήσεως.
ΛΟΝΔΙΝΟΝ, 23. (Ρώυτερ). — Ἡ ἐπιτροπὴ ἀνεκοίνωσε σήμερον τὰ νέα στοιχεῖα σχετικῶς μὲ τὴν κατάστασιν, τὰ ὁποῖα ἐκρίθησαν ὡς ἱκανοποιητικὰ ὑπὸ τῶν κύκλων τῆς κυβερνήσεως. Κατὰ τὰς ἴδιας πηγάς, αἱ συνομιλίαι θὰ συνεχισθοῦν εἰς τὸ ἐγγὺς μέλλον.
ΑΘΗΝΑΙ, 23. — Ὅλαι αἱ ἐνδείξεις συγκλίνουν εἰς τὸ ὅτι ἡ συζήτησις θὰ συνεχισθῇ κατὰ τὰς προσεχεῖς ἡμέρας. Ἀρμόδιοι κύκλοι ἐδήλωσαν ὅτι δὲν ὑπάρχει λόγος ἀνησυχίας, ἀλλὰ ἡ κατάστασις παρακολουθεῖται μετὰ προσοχῆς ὑπὸ τῶν ἁρμοδίων ὑπηρεσιῶν.
ΠΑΡΙΣΙΟΙ, 23. (Ἀσσ. Πρὲς). — Αἱ πληροφορίαι τῆς πρωΐας ἀναφέρουν ὅτι ἡ κατάστασις παραμένει ἀμετάβλητος. Οἱ ἀντιπρόσωποι ἀνέμενον νεωτέρας ὁδηγίας διὰ νὰ συνεχίσουν τὰς διαπραγματεύσεις, αἱ ὁποῖαι διεκόπησαν χθὲς τὸ ἑσπέρας.
ΣΟΒΑΡΑ ΠΟΛΙΤΙΚΗ ΕΠΙΘΕΩΡΗΣΙΣ ΤΟΥ ΛΟΝΔΙΝΟΥ ΕΠΙΚΡΟΤΕΙ ΤΟΝ ΡΟΛΟΝ ΤΟΥ ΛΟΡΔΟΥ ΑΛΝΤΡΙΓΚΑΜ
ΤΟΝ ΕΠΙΚΡΙΝΕΙ Ο ΛΟΡΔΟΣ ΔΗΜΑΡΧΟΣ
ΛΟΝΔΙΝΟΝ, 23. (Ρώυτερ). — Ἡ ἐπιτροπὴ ἀνεκοίνωσε σήμερον τὰ νέα στοιχεῖα σχετικῶς μὲ τὴν κατάστασιν, τὰ ὁποῖα ἐκρίθησαν ὡς ἱκανοποιητικὰ ὑπὸ τῶν κύκλων τῆς κυβερνήσεως. Κατὰ τὰς ἴδιας πηγάς, αἱ συνομιλίαι θὰ συνεχισθοῦν εἰς τὸ ἐγγὺς μέλλον.
ΠΑΡΙΣΙΟΙ, 23. (Ἀσσ. Πρὲς). — Αἱ πληροφορίαι τῆς πρωΐας ἀναφέρουν ὅτι ἡ κατάστασις παραμένει ἀμετάβλητος. Οἱ ἀντιπρόσωποι ἀνέμενον νεωτέρας ὁδηγίας διὰ νὰ συνεχίσουν τὰς διαπραγματεύσεις, αἱ ὁποῖαι διεκόπησαν χθὲς τὸ ἑσπέρας.
Ο ΔΗΜΑΡΧΟΣ ΛΟΝΔΙΝΟΥ
ΒΑΣΙΓΚΤΩΝ, 23. (Ἀσσ. Πρὲς). — Ὁ ὑπουργὸς τῶν Ἐξωτερικῶν κ. Ντάλλες ἀνεκοίνωσεν ὅτι ἀποστέλλει εἰς τὴν Μέσην Ἀνατολὴν ἀντιπρόσωπον διὰ νὰ βολιδοσκοπήση τὰς ἀραβικὰς χώρας ἐπὶ τῶν προθέσεων τῆς Συρίας. Κατὰ τὰς ἴδιας πληροφορίας ἡ ἀποστολὴ ἀποσκοπεῖ εἰς τὴν ἐξακρίβωσιν τῆς καταστάσεως καὶ εἰς τὴν ἐνημέρωσιν τῆς κυβερνήσεως.
ΑΘΗΝΑΙ, 23. — Ὅλαι αἱ ἐνδείξεις συγκλίνουν εἰς τὸ ὅτι ἡ συζήτησις θὰ συνεχισθῇ κατὰ τὰς προσεχεῖς ἡμέρας. Ἀρμόδιοι κύκλοι ἐδήλωσαν ὅτι δὲν ὑπάρχει λόγος ἀνησυχίας, ἀλλὰ ἡ κατάστασις παρακολουθεῖται μετὰ προσοχῆς ὑπὸ τῶν ἁρμοδίων ὑπηρεσιῶν.
Η ΕΠΙΤΡΟΠΗ ΑΤΟΜΙΚΗΣ ΕΝΕΡΓΕΙΑΣ ΤΩΝ Η. Π. Α. ΑΝΕΚΟΙΝΩΣΕ ΧΘΕΣ ΣΤΟΙΧΕΙΑ ΣΧΕΤΙΚΑ ΜΕ ΤΗΝ ΕΞΑΓΩΓΗΝ ΜΕΤΑΛΛΕΥΜΑΤΟΣ ΟΥΡΑΝΙΟΥ
ΠΑΡΙΣΙΟΙ, 23. (Ἀσσ. Πρὲς). — Αἱ πληροφορίαι τῆς πρωΐας ἀναφέρουν ὅτι ἡ κατάστασις παραμένει ἀμετάβλητος. Οἱ ἀντιπρόσωποι ἀνέμενον νεωτέρας ὁδηγίας διὰ νὰ συνεχίσουν τὰς διαπραγματεύσεις, αἱ ὁποῖαι διεκόπησαν χθὲς τὸ ἑσπέρας.
ΒΑΣΙΓΚΤΩΝ, 23. (Ἀσσ. Πρὲς). — Ὁ ὑπουργὸς τῶν Ἐξωτερικῶν κ. Ντάλλες ἀνεκοίνωσεν ὅτι ἀποστέλλει εἰς τὴν Μέσην Ἀνατολὴν ἀντιπρόσωπον διὰ νὰ βολιδοσκοπήση τὰς ἀραβικὰς χώρας ἐπὶ τῶν προθέσεων τῆς Συρίας. Κατὰ τὰς ἴδιας πληροφορίας ἡ ἀποστολὴ ἀποσκοπεῖ εἰς τὴν ἐξακρίβωσιν τῆς καταστάσεως καὶ εἰς τὴν ἐνημέρωσιν τῆς κυβερνήσεως.
ΑΘΗΝΑΙ, 23. — Ὅλαι αἱ ἐνδείξεις συγκλίνουν εἰς τὸ ὅτι ἡ συζήτησις θὰ συνεχισθῇ κατὰ τὰς προσεχεῖς ἡμέρας. Ἀρμόδιοι κύκλοι ἐδήλωσαν ὅτι δὲν ὑπάρχει λόγος ἀνησυχίας, ἀλλὰ ἡ κατάστασις παρακολουθεῖται μετὰ προσοχῆς ὑπὸ τῶν ἁρμοδίων ὑπηρεσιῶν.
ΛΟΝΔΙΝΟΝ, 23. (Ρώυτερ). — Ἡ ἐπιτροπὴ ἀνεκοίνωσε σήμερον τὰ νέα στοιχεῖα σχετικῶς μὲ τὴν κατάστασιν, τὰ ὁποῖα ἐκρίθησαν ὡς ἱκανοποιητικὰ ὑπὸ τῶν κύκλων τῆς κυβερνήσεως. Κατὰ τὰς ἴδιας πηγάς, αἱ συνομιλίαι θὰ συνεχισθοῦν εἰς τὸ ἐγγὺς μέλλον.
ΤΑ ΑΠΟΤΕΛΕΣΜΑΤΑ ΤΩΝ ΒΡΕΤΑΝΝΟΣΟΒΙΕΤΙΚΩΝ ΑΓΩΝΩΝ
ΔΡΟΜΟΣ 100 μ.: 1) Κανδάδαμ (Ρ.) 10.9, 2) Γερόντουιν (Β.) 10.8, 3) Κουπ (Ρ.) 10.9
ΔΡΟΜΟΣ 3.000 μ. ΜΕΤ' ΕΜΠΟΔΙΩΝ: 1) Ροζένων (Ρ.) 9.7, 2) Γκουέν (Μ.) 9.6, 3) Μπίσου (Ρ.) 9.5, 4) Σουπ (Β.) 4.58
ΒΟΜΒΑ, ΜΕΤΑ ΤΟΣΟΥΣ ΜΗΝΑΣ ΗΣΥΧΙΑΣ ΕΡΡΙΦΘΗ ΕΙΣ ΧΩΡΙΟΝ ΤΗΣ ΛΕΜΕΣΟΥ ΕΝΑΝΤΙΟΝ ΤΗΣ ΟΙΚΙΑΣ ΑΣΤΥΝΟΜΙΚΟΥ
Τὸ ταξίδιον τοῦ Μακαρίου εἰς Ἀμερικὴν
ΑΜΕΡΙΚΑΝΙΚΟΝ ΤΕΤΡΑΚΙΝΗΤΗΡΙΟΝ ΣΥΝΕΤΡΙΒΗ
ΒΑΣΙΓΚΤΩΝ, 23. (Ἀσσ. Πρὲς). — Ὁ ὑπουργὸς τῶν Ἐξωτερικῶν κ. Ντάλλες ἀνεκοίνωσεν ὅτι ἀποστέλλει εἰς τὴν Μέσην Ἀνατολὴν ἀντιπρόσωπον διὰ νὰ βολιδοσκοπήση τὰς ἀραβικὰς χώρας ἐπὶ τῶν προθέσεων τῆς Συρίας. Κατὰ τὰς ἴδιας πληροφορίας ἡ ἀποστολὴ ἀποσκοπεῖ εἰς τὴν ἐξακρίβωσιν τῆς καταστάσεως καὶ εἰς τὴν ἐνημέρωσιν τῆς κυβερνήσεως.
ΕΝΑΝΤΙΟΝ ΤΟΥ ΚΑΡΚΙΝΟΥ ΧΡΗΣΙΜΟΠΟΙΗΘΗΣΑΝ ΚΑΙ ΡΑΔΙΕΝΕΡΓΑ ΜΟΡΙΑ
ΑΘΗΝΑΙ, 23. — Ὅλαι αἱ ἐνδείξεις συγκλίνουν εἰς τὸ ὅτι ἡ συζήτησις θὰ συνεχισθῇ κατὰ τὰς προσεχεῖς ἡμέρας. Ἀρμόδιοι κύκλοι ἐδήλωσαν ὅτι δὲν ὑπάρχει λόγος ἀνησυχίας, ἀλλὰ ἡ κατάστασις παρακολουθεῖται μετὰ προσοχῆς ὑπὸ τῶν ἁρμοδίων ὑπηρεσιῶν.
ΝΕΟΝ ΕΘΝΑΡΧΙΚΟΝ ΣΥΜΒΟΥΛΙΟΝ
ΛΟΝΔΙΝΟΝ, 23. (Ρώυτερ). — Ἡ ἐπιτροπὴ ἀνεκοίνωσε σήμερον τὰ νέα στοιχεῖα σχετικῶς μὲ τὴν κατάστασιν, τὰ ὁποῖα ἐκρίθησαν ὡς ἱκανοποιητικὰ ὑπὸ τῶν κύκλων τῆς κυβερνήσεως. Κατὰ τὰς ἴδιας πηγάς, αἱ συνομιλίαι θὰ συνεχισθοῦν εἰς τὸ ἐγγὺς μέλλον.
ΑΙΜΑΤΗΡΑ ΜΑΧΗ ΑΛΓΕΡΙΝΩΝ ΑΝΤΑΡΤΩΝ ΚΑΙ ΓΑΛΛΙΚΩΝ ΔΥΝΑΜΕΩΝ
ΠΑΡΙΣΙΟΙ, 23. (Ἀσσ. Πρὲς). — Αἱ πληροφορίαι τῆς πρωΐας ἀναφέρουν ὅτι ἡ κατάστασις παραμένει ἀμετάβλητος. Οἱ ἀντιπρόσωποι ἀνέμενον νεωτέρας ὁδηγίας διὰ νὰ συνεχίσουν τὰς διαπραγματεύσεις, αἱ ὁποῖαι διεκόπησαν χθὲς τὸ ἑσπέρας.
ΛΕΥΚΩΣΙΑ, 23. — Βόμβα ἐρρίφθη χθὲς τὴν νύκτα ἐναντίον τῆς οἰκίας ἀστυνομικοῦ εἰς χωρίον τῆς Λεμεσοῦ. Ζημίαι ἐσημειώθησαν εἰς τὴν πρόσοψιν τῆς οἰκίας, ἀλλὰ οὐδεὶς ἐτραυματίσθη. Ἡ ἀστυνομία διεξάγει ἀνακρίσεις πρὸς ἀνεύρεσιν τῶν δραστῶν.
Η ΕΠΙΤΡΟΠΗ ΔΙΚΑΙΩΜΑΤΩΝ
ΒΑΣΙΓΚΤΩΝ, 23. (Ἀσσ. Πρὲς). — Ὁ ὑπουργὸς τῶν Ἐξωτερικῶν κ. Ντάλλες ἀνεκοίνωσεν ὅτι ἀποστέλλει εἰς τὴν Μέσην Ἀνατολὴν ἀντιπρόσωπον διὰ νὰ βολιδοσκοπήση τὰς ἀραβικὰς χώρας ἐπὶ τῶν προθέσεων τῆς Συρίας. Κατὰ τὰς ἴδιας πληροφορίας ἡ ἀποστολὴ ἀποσκοπεῖ εἰς τὴν ἐξακρίβωσιν τῆς καταστάσεως καὶ εἰς τὴν ἐνημέρωσιν τῆς κυβερνήσεως.
ΑΘΗΝΑΙ, 23. — Ὅλαι αἱ ἐνδείξεις συγκλίνουν εἰς τὸ ὅτι ἡ συζήτησις θὰ συνεχισθῇ κατὰ τὰς προσεχεῖς ἡμέρας. Ἀρμόδιοι κύκλοι ἐδήλωσαν ὅτι δὲν ὑπάρχει λόγος ἀνησυχίας, ἀλλὰ ἡ κατάστασις παρακολουθεῖται μετὰ προσοχῆς ὑπὸ τῶν ἁρμοδίων ὑπηρεσιῶν.
ΛΟΝΔΙΝΟΝ, 23. (Ρώυτερ). — Ἡ ἐπιτροπὴ ἀνεκοίνωσε σήμερον τὰ νέα στοιχεῖα σχετικῶς μὲ τὴν κατάστασιν, τὰ ὁποῖα ἐκρίθησαν ὡς ἱκανοποιητικὰ ὑπὸ τῶν κύκλων τῆς κυβερνήσεως. Κατὰ τὰς ἴδιας πηγάς, αἱ συνομιλίαι θὰ συνεχισθοῦν εἰς τὸ ἐγγὺς μέλλον.
ΟΙ ΤΕΧΝΟΙ ΔΗΜΟΤΟΓΡΑΦΟΙ
ΠΑΡΙΣΙΟΙ, 23. (Ἀσσ. Πρὲς). — Αἱ πληροφορίαι τῆς πρωΐας ἀναφέρουν ὅτι ἡ κατάστασις παραμένει ἀμετάβλητος. Οἱ ἀντιπρόσωποι ἀνέμενον νεωτέρας ὁδηγίας διὰ νὰ συνεχίσουν τὰς διαπραγματεύσεις, αἱ ὁποῖαι διεκόπησαν χθὲς τὸ ἑσπέρας.
ΚΑΤΗΓΟΡΟΥΝΤΑΙ ΔΥΟ ΤΟΥΡΚΟΙ
ΒΑΣΙΓΚΤΩΝ, 23. (Ἀσσ. Πρὲς). — Ὁ ὑπουργὸς τῶν Ἐξωτερικῶν κ. Ντάλλες ἀνεκοίνωσεν ὅτι ἀποστέλλει εἰς τὴν Μέσην Ἀνατολὴν ἀντιπρόσωπον διὰ νὰ βολιδοσκοπήση τὰς ἀραβικὰς χώρας ἐπὶ τῶν προθέσεων τῆς Συρίας. Κατὰ τὰς ἴδιας πληροφορίας ἡ ἀποστολὴ ἀποσκοπεῖ εἰς τὴν ἐξακρίβωσιν τῆς καταστάσεως καὶ εἰς τὴν ἐνημέρωσιν τῆς κυβερνήσεως.
ΕΡΡΙΦΘΗ ΒΟΜΒΑ
ΛΕΥΚΩΣΙΑ, 23. — Βόμβα ἐρρίφθη χθὲς τὴν νύκτα ἐναντίον τῆς οἰκίας ἀστυνομικοῦ εἰς χωρίον τῆς Λεμεσοῦ. Ζημίαι ἐσημειώθησαν εἰς τὴν πρόσοψιν τῆς οἰκίας, ἀλλὰ οὐδεὶς ἐτραυματίσθη. Ἡ ἀστυνομία διεξάγει ἀνακρίσεις πρὸς ἀνεύρεσιν τῶν δραστῶν.
ΑΠΕΚΑΛΥΦΘΗ Ο ΔΟΛΟΦΟΝΗΣΑΣ ΤΟΝ ΠΕΠΕΝ
▸▸▸
ΣΥΝΕΧΕΙΑ ἘΚ ΤΗ͂Σ 1ΗΣ ΣΕΛΊΔΟΣ
ΑΘΗΝΑΙ, 23. — Ὅλαι αἱ ἐνδείξεις συγκλίνουν εἰς τὸ ὅτι ἡ συζήτησις θὰ συνεχισθῇ κατὰ τὰς προσεχεῖς ἡμέρας. Ἀρμόδιοι κύκλοι ἐδήλωσαν ὅτι δὲν ὑπάρχει λόγος ἀνησυχίας, ἀλλὰ ἡ κατάστασις παρακολουθεῖται μετὰ προσοχῆς ὑπὸ τῶν ἁρμοδίων ὑπηρεσιῶν.
ΛΟΝΔΙΝΟΝ, 23. (Ρώυτερ). — Ἡ ἐπιτροπὴ ἀνεκοίνωσε σήμερον τὰ νέα στοιχεῖα σχετικῶς μὲ τὴν κατάστασιν, τὰ ὁποῖα ἐκρίθησαν ὡς ἱκανοποιητικὰ ὑπὸ τῶν κύκλων τῆς κυβερνήσεως. Κατὰ τὰς ἴδιας πηγάς, αἱ συνομιλίαι θὰ συνεχισθοῦν εἰς τὸ ἐγγὺς μέλλον.
Η ΘΡΗΣΚΕΙΑ ΔΕΝ ΕΙΝΑΙ «ΟΠΙΟΝ ΤΟΥ ΛΑΟΥ» ΕΙΣ ΤΗΝ ΠΟΛΩΝΙΑΝ
ΠΑΡΙΣΙΟΙ, 23. (Ἀσσ. Πρὲς). — Αἱ πληροφορίαι τῆς πρωΐας ἀναφέρουν ὅτι ἡ κατάστασις παραμένει ἀμετάβλητος. Οἱ ἀντιπρόσωποι ἀνέμενον νεωτέρας ὁδηγίας διὰ νὰ συνεχίσουν τὰς διαπραγματεύσεις, αἱ ὁποῖαι διεκόπησαν χθὲς τὸ ἑσπέρας.
ΕΦΘΑΣΑΝ ΕΙΣ ΠΕΚΙΝΟΝ ΟΙ ΑΜΕΡΙΚΑΝΟΙ ΣΠΟΥΔΑΣΤΑΙ
ΒΑΣΙΓΚΤΩΝ, 23. (Ἀσσ. Πρὲς). — Ὁ ὑπουργὸς τῶν Ἐξωτερικῶν κ. Ντάλλες ἀνεκοίνωσεν ὅτι ἀποστέλλει εἰς τὴν Μέσην Ἀνατολὴν ἀντιπρόσωπον διὰ νὰ βολιδοσκοπήση τὰς ἀραβικὰς χώρας ἐπὶ τῶν προθέσεων τῆς Συρίας. Κατὰ τὰς ἴδιας πληροφορίας ἡ ἀποστολὴ ἀποσκοπεῖ εἰς τὴν ἐξακρίβωσιν τῆς καταστάσεως καὶ εἰς τὴν ἐνημέρωσιν τῆς κυβερνήσεως.
ΑΙ ΕΚΚΑΘΑΡΙΣΕΙΣ ΣΥΝΕΧΙΖΟΝΤΑΙ ΕΙΣ ΤΗΝ ΚΙΝΑΝ
ΛΕΥΚΩΣΙΑ, 23. — Βόμβα ἐρρίφθη χθὲς τὴν νύκτα ἐναντίον τῆς οἰκίας ἀστυνομικοῦ εἰς χωρίον τῆς Λεμεσοῦ. Ζημίαι ἐσημειώθησαν εἰς τὴν πρόσοψιν τῆς οἰκίας, ἀλλὰ οὐδεὶς ἐτραυματίσθη. Ἡ ἀστυνομία διεξάγει ἀνακρίσεις πρὸς ἀνεύρεσιν τῶν δραστῶν.
ΑΘΗΝΑΙ, 23. — Ὅλαι αἱ ἐνδείξεις συγκλίνουν εἰς τὸ ὅτι ἡ συζήτησις θὰ συνεχισθῇ κατὰ τὰς προσεχεῖς ἡμέρας. Ἀρμόδιοι κύκλοι ἐδήλωσαν ὅτι δὲν ὑπάρχει λόγος ἀνησυχίας, ἀλλὰ ἡ κατάστασις παρακολουθεῖται μετὰ προσοχῆς ὑπὸ τῶν ἁρμοδίων ὑπηρεσιῶν.
ΤΑ ΠΡΟΧΥΠΑΝΤΑ ΣΤΟΙΧΕΙΑ
ΛΟΝΔΙΝΟΝ, 23. (Ρώυτερ). — Ἡ ἐπιτροπὴ ἀνεκοίνωσε σήμερον τὰ νέα στοιχεῖα σχετικῶς μὲ τὴν κατάστασιν, τὰ ὁποῖα ἐκρίθησαν ὡς ἱκανοποιητικὰ ὑπὸ τῶν κύκλων τῆς κυβερνήσεως. Κατὰ τὰς ἴδιας πηγάς, αἱ συνομιλίαι θὰ συνεχισθοῦν εἰς τὸ ἐγγὺς μέλλον.
ΗΝΟΙΞΕΝ Η ΕΚΘΕΣΙΣ ΤΟΥ ΒΕΛΙΓΡΑΔΙΟΥ
ΠΑΡΙΣΙΟΙ, 23. (Ἀσσ. Πρὲς). — Αἱ πληροφορίαι τῆς πρωΐας ἀναφέρουν ὅτι ἡ κατάστασις παραμένει ἀμετάβλητος. Οἱ ἀντιπρόσωποι ἀνέμενον νεωτέρας ὁδηγίας διὰ νὰ συνεχίσουν τὰς διαπραγματεύσεις, αἱ ὁποῖαι διεκόπησαν χθὲς τὸ ἑσπέρας.
ΒΑΣΙΓΚΤΩΝ, 23. (Ἀσσ. Πρὲς). — Ὁ ὑπουργὸς τῶν Ἐξωτερικῶν κ. Ντάλλες ἀνεκοίνωσεν ὅτι ἀποστέλλει εἰς τὴν Μέσην Ἀνατολὴν ἀντιπρόσωπον διὰ νὰ βολιδοσκοπήση τὰς ἀραβικὰς χώρας ἐπὶ τῶν προθέσεων τῆς Συρίας. Κατὰ τὰς ἴδιας πληροφορίας ἡ ἀποστολὴ ἀποσκοπεῖ εἰς τὴν ἐξακρίβωσιν τῆς καταστάσεως καὶ εἰς τὴν ἐνημέρωσιν τῆς κυβερνήσεως.
Ο ΔΙΑΚΟΣ ΕΙΧΕ ΣΧΕΣΕΙΣ
ΑΘΗΝΑΙ, 23. — Ὅλαι αἱ ἐνδείξεις συγκλίνουν εἰς τὸ ὅτι ἡ συζήτησις θὰ συνεχισθῇ κατὰ τὰς προσεχεῖς ἡμέρας. Ἀρμόδιοι κύκλοι ἐδήλωσαν ὅτι δὲν ὑπάρχει λόγος ἀνησυχίας, ἀλλὰ ἡ κατάστασις παρακολουθεῖται μετὰ προσοχῆς ὑπὸ τῶν ἁρμοδίων ὑπηρεσιῶν.
ΛΟΝΔΙΝΟΝ, 23. (Ρώυτερ). — Ἡ ἐπιτροπὴ ἀνεκοίνωσε σήμερον τὰ νέα στοιχεῖα σχετικῶς μὲ τὴν κατάστασιν, τὰ ὁποῖα ἐκρίθησαν ὡς ἱκανοποιητικὰ ὑπὸ τῶν κύκλων τῆς κυβερνήσεως. Κατὰ τὰς ἴδιας πηγάς, αἱ συνομιλίαι θὰ συνεχισθοῦν εἰς τὸ ἐγγὺς μέλλον.
ΛΕΥΚΩΣΙΑ, 23. — Βόμβα ἐρρίφθη χθὲς τὴν νύκτα ἐναντίον τῆς οἰκίας ἀστυνομικοῦ εἰς χωρίον τῆς Λεμεσοῦ. Ζημίαι ἐσημειώθησαν εἰς τὴν πρόσοψιν τῆς οἰκίας, ἀλλὰ οὐδεὶς ἐτραυματίσθη. Ἡ ἀστυνομία διεξάγει ἀνακρίσεις πρὸς ἀνεύρεσιν τῶν δραστῶν.
ΑΘΡΟΑΙ ΣΥΛΛΗΨΕΙΣ ΕΙΣ ΤΗΝ ΣΙΓΚΑΠΟΥΡΗΝ
Η ΙΑΠΩΝΙΑ ΔΕΝ ΘΑ ΑΥΞΗΣΗ ΤΑΣ ΧΕΡΣΑΙΑΣ ΔΥΝΑΜΕΙΣ
ΠΑΡΙΣΙΟΙ, 23. (Ἀσσ. Πρὲς). — Αἱ πληροφορίαι τῆς πρωΐας ἀναφέρουν ὅτι ἡ κατάστασις παραμένει ἀμετάβλητος. Οἱ ἀντιπρόσωποι ἀνέμενον νεωτέρας ὁδηγίας διὰ νὰ συνεχίσουν τὰς διαπραγματεύσεις, αἱ ὁποῖαι διεκόπησαν χθὲς τὸ ἑσπέρας.
Ο ΠΡΟΕΔΡΟΣ ΤΗΣ ΜΟΓΓΟΛΙΑΣ ΕΙΣ ΤΗΝ ΑΛΒΑΝΙΑΝ
ΒΑΣΙΓΚΤΩΝ, 23. (Ἀσσ. Πρὲς). — Ὁ ὑπουργὸς τῶν Ἐξωτερικῶν κ. Ντάλλες ἀνεκοίνωσεν ὅτι ἀποστέλλει εἰς τὴν Μέσην Ἀνατολὴν ἀντιπρόσωπον διὰ νὰ βολιδοσκοπήση τὰς ἀραβικὰς χώρας ἐπὶ τῶν προθέσεων τῆς Συρίας. Κατὰ τὰς ἴδιας πληροφορίας ἡ ἀποστολὴ ἀποσκοπεῖ εἰς τὴν ἐξακρίβωσιν τῆς καταστάσεως καὶ εἰς τὴν ἐνημέρωσιν τῆς κυβερνήσεως.
Ο ΧΟΥΣΕΙ-Ν ΤΗΣ ΙΟΡΔΑΝΙΑΣ ΕΙΣ ΚΩΝΣΤΑΝΤΙΝΟΥΠΟΛΙΝ
ΑΘΗΝΑΙ, 23. — Ὅλαι αἱ ἐνδείξεις συγκλίνουν εἰς τὸ ὅτι ἡ συζήτησις θὰ συνεχισθῇ κατὰ τὰς προσεχεῖς ἡμέρας. Ἀρμόδιοι κύκλοι ἐδήλωσαν ὅτι δὲν ὑπάρχει λόγος ἀνησυχίας, ἀλλὰ ἡ κατάστασις παρακολουθεῖται μετὰ προσοχῆς ὑπὸ τῶν ἁρμοδίων ὑπηρεσιῶν.
ΛΟΝΔΙΝΟΝ, 23. (Ρώυτερ). — Ἡ ἐπιτροπὴ ἀνεκοίνωσε σήμερον τὰ νέα στοιχεῖα σχετικῶς μὲ τὴν κατάστασιν, τὰ ὁποῖα ἐκρίθησαν ὡς ἱκανοποιητικὰ ὑπὸ τῶν κύκλων τῆς κυβερνήσεως. Κατὰ τὰς ἴδιας πηγάς, αἱ συνομιλίαι θὰ συνεχισθοῦν εἰς τὸ ἐγγὺς μέλλον.
ΤΟ ΜΠΑΛΕΤΟ ΤΗΣ ΜΟΣΧΑΣ
ΠΑΡΙΣΙΟΙ, 23. (Ἀσσ. Πρὲς). — Αἱ πληροφορίαι τῆς πρωΐας ἀναφέρουν ὅτι ἡ κατάστασις παραμένει ἀμετάβλητος. Οἱ ἀντιπρόσωποι ἀνέμενον νεωτέρας ὁδηγίας διὰ νὰ συνεχίσουν τὰς διαπραγματεύσεις, αἱ ὁποῖαι διεκόπησαν χθὲς τὸ ἑσπέρας.
ΛΕΥΚΩΣΙΑ, 23. — Βόμβα ἐρρίφθη χθὲς τὴν νύκτα ἐναντίον τῆς οἰκίας ἀστυνομικοῦ εἰς χωρίον τῆς Λεμεσοῦ. Ζημίαι ἐσημειώθησαν εἰς τὴν πρόσοψιν τῆς οἰκίας, ἀλλὰ οὐδεὶς ἐτραυματίσθη. Ἡ ἀστυνομία διεξάγει ἀνακρίσεις πρὸς ἀνεύρεσιν τῶν δραστῶν.
ΕΚΔΟΘΕΙΣΑ ΛΕΥΚΗ ΒΙΒΛΟΣ ΚΑΤΑΓΓΕΛΛΕΙ ΟΤΙ ΑΝΕΚΑΛΥΦΘΗ ΑΝΑΤΡΕΠΤΙΚΑ ΣΚΕΥΩΡΙΑ
Συλλήψεις καὶ εἰς τὴν Ν. Κορέαν
ΒΑΣΙΓΚΤΩΝ, 23. (Ἀσσ. Πρὲς). — Ὁ ὑπουργὸς τῶν Ἐξωτερικῶν κ. Ντάλλες ἀνεκοίνωσεν ὅτι ἀποστέλλει εἰς τὴν Μέσην Ἀνατολὴν ἀντιπρόσωπον διὰ νὰ βολιδοσκοπήση τὰς ἀραβικὰς χώρας ἐπὶ τῶν προθέσεων τῆς Συρίας. Κατὰ τὰς ἴδιας πληροφορίας ἡ ἀποστολὴ ἀποσκοπεῖ εἰς τὴν ἐξακρίβωσιν τῆς καταστάσεως καὶ εἰς τὴν ἐνημέρωσιν τῆς κυβερνήσεως.
ΓΕΝΙΚΗ ΕΠΙΣΚΟΠΗΣΙΣ
ΑΘΗΝΑΙ, 23. — Ὅλαι αἱ ἐνδείξεις συγκλίνουν εἰς τὸ ὅτι ἡ συζήτησις θὰ συνεχισθῇ κατὰ τὰς προσεχεῖς ἡμέρας. Ἀρμόδιοι κύκλοι ἐδήλωσαν ὅτι δὲν ὑπάρχει λόγος ἀνησυχίας, ἀλλὰ ἡ κατάστασις παρακολουθεῖται μετὰ προσοχῆς ὑπὸ τῶν ἁρμοδίων ὑπηρεσιῶν.
ΛΟΝΔΙΝΟΝ, 23. (Ρώυτερ). — Ἡ ἐπιτροπὴ ἀνεκοίνωσε σήμερον τὰ νέα στοιχεῖα σχετικῶς μὲ τὴν κατάστασιν, τὰ ὁποῖα ἐκρίθησαν ὡς ἱκανοποιητικὰ ὑπὸ τῶν κύκλων τῆς κυβερνήσεως. Κατὰ τὰς ἴδιας πηγάς, αἱ συνομιλίαι θὰ συνεχισθοῦν εἰς τὸ ἐγγὺς μέλλον.
ΠΑΡΙΣΙΟΙ, 23. (Ἀσσ. Πρὲς). — Αἱ πληροφορίαι τῆς πρωΐας ἀναφέρουν ὅτι ἡ κατάστασις παραμένει ἀμετάβλητος. Οἱ ἀντιπρόσωποι ἀνέμενον νεωτέρας ὁδηγίας διὰ νὰ συνεχίσουν τὰς διαπραγματεύσεις, αἱ ὁποῖαι διεκόπησαν χθὲς τὸ ἑσπέρας.
ΣΥΝΕΧΙΖΟΝΤΑΙ ΑΙ ΣΥΛΛΗΨΕΙΣ
ΛΕΥΚΩΣΙΑ, 23. — Βόμβα ἐρρίφθη χθὲς τὴν νύκτα ἐναντίον τῆς οἰκίας ἀστυνομικοῦ εἰς χωρίον τῆς Λεμεσοῦ. Ζημίαι ἐσημειώθησαν εἰς τὴν πρόσοψιν τῆς οἰκίας, ἀλλὰ οὐδεὶς ἐτραυματίσθη. Ἡ ἀστυνομία διεξάγει ἀνακρίσεις πρὸς ἀνεύρεσιν τῶν δραστῶν.
ΒΑΣΙΓΚΤΩΝ, 23. (Ἀσσ. Πρὲς). — Ὁ ὑπουργὸς τῶν Ἐξωτερικῶν κ. Ντάλλες ἀνεκοίνωσεν ὅτι ἀποστέλλει εἰς τὴν Μέσην Ἀνατολὴν ἀντιπρόσωπον διὰ νὰ βολιδοσκοπήση τὰς ἀραβικὰς χώρας ἐπὶ τῶν προθέσεων τῆς Συρίας. Κατὰ τὰς ἴδιας πληροφορίας ἡ ἀποστολὴ ἀποσκοπεῖ εἰς τὴν ἐξακρίβωσιν τῆς καταστάσεως καὶ εἰς τὴν ἐνημέρωσιν τῆς κυβερνήσεως.
ΚΑΙ ΕΙΣ ΤΗΝ ΚΟΡΕΑΝ
ΑΘΗΝΑΙ, 23. — Ὅλαι αἱ ἐνδείξεις συγκλίνουν εἰς τὸ ὅτι ἡ συζήτησις θὰ συνεχισθῇ κατὰ τὰς προσεχεῖς ἡμέρας. Ἀρμόδιοι κύκλοι ἐδήλωσαν ὅτι δὲν ὑπάρχει λόγος ἀνησυχίας, ἀλλὰ ἡ κατάστασις παρακολουθεῖται μετὰ προσοχῆς ὑπὸ τῶν ἁρμοδίων ὑπηρεσιῶν.
ΛΟΝΔΙΝΟΝ, 23. (Ρώυτερ). — Ἡ ἐπιτροπὴ ἀνεκοίνωσε σήμερον τὰ νέα στοιχεῖα σχετικῶς μὲ τὴν κατάστασιν, τὰ ὁποῖα ἐκρίθησαν ὡς ἱκανοποιητικὰ ὑπὸ τῶν κύκλων τῆς κυβερνήσεως. Κατὰ τὰς ἴδιας πηγάς, αἱ συνομιλίαι θὰ συνεχισθοῦν εἰς τὸ ἐγγὺς μέλλον.
